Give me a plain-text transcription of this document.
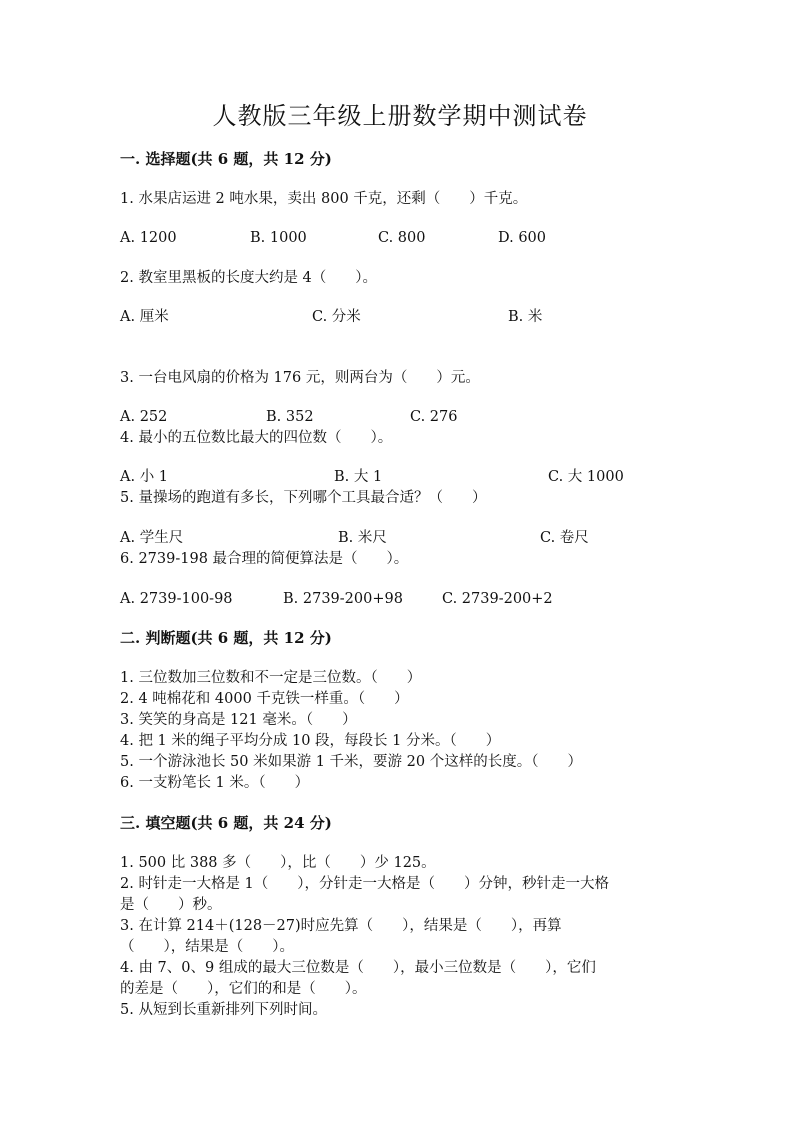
人教版三年级上册数学期中测试卷
一. 选择题(共 6 题，共 12 分)
1. 水果店运进 2 吨水果，卖出 800 千克，还剩（　　）千克。
A. 1200	B. 1000	C. 800	D. 600
2. 教室里黑板的长度大约是 4（　　）。
A. 厘米	C. 分米	B. 米
3. 一台电风扇的价格为 176 元，则两台为（　　）元。
A. 252	B. 352	C. 276
4. 最小的五位数比最大的四位数（　　）。
A. 小 1	B. 大 1	C. 大 1000
5. 量操场的跑道有多长，下列哪个工具最合适？（　　）
A. 学生尺	B. 米尺	C. 卷尺
6. 2739-198 最合理的简便算法是（　　）。
A. 2739-100-98	B. 2739-200+98	C. 2739-200+2
二. 判断题(共 6 题，共 12 分)
1. 三位数加三位数和不一定是三位数。（　　）
2. 4 吨棉花和 4000 千克铁一样重。（　　）
3. 笑笑的身高是 121 毫米。（　　）
4. 把 1 米的绳子平均分成 10 段，每段长 1 分米。（　　）
5. 一个游泳池长 50 米如果游 1 千米，要游 20 个这样的长度。（　　）
6. 一支粉笔长 1 米。（　　）
三. 填空题(共 6 题，共 24 分)
1. 500 比 388 多（　　），比（　　）少 125。
2. 时针走一大格是 1（　　），分针走一大格是（　　）分钟，秒针走一大格
是（　　）秒。
3. 在计算 214＋(128－27)时应先算（　　），结果是（　　），再算
（　　），结果是（　　）。
4. 由 7、0、9 组成的最大三位数是（　　），最小三位数是（　　），它们
的差是（　　），它们的和是（　　）。
5. 从短到长重新排列下列时间。
